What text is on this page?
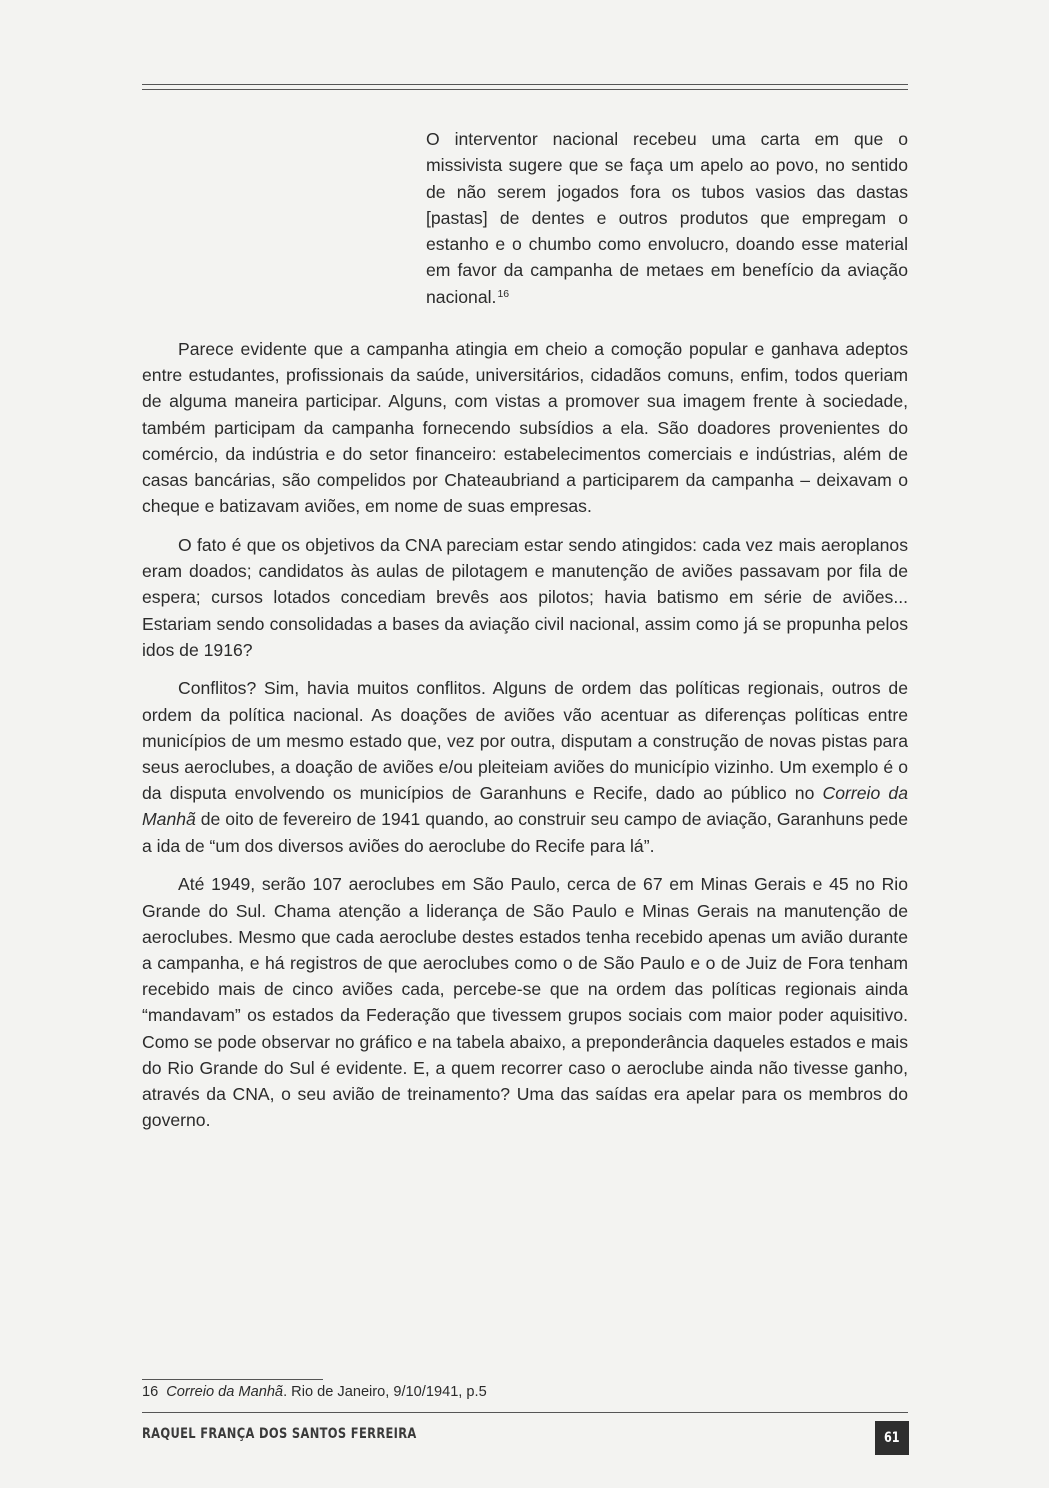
O interventor nacional recebeu uma carta em que o missivista sugere que se faça um apelo ao povo, no sentido de não serem jogados fora os tubos vasios das dastas [pastas] de dentes e outros produtos que empregam o estanho e o chumbo como envolucro, doando esse material em favor da campanha de metaes em benefício da aviação nacional.$^{16}$

Parece evidente que a campanha atingia em cheio a comoção popular e ganhava adeptos entre estudantes, profissionais da saúde, universitários, cidadãos comuns, enfim, todos queriam de alguma maneira participar. Alguns, com vistas a promover sua imagem frente à sociedade, também participam da campanha fornecendo subsídios a ela. São doadores provenientes do comércio, da indústria e do setor financeiro: estabelecimentos comerciais e indústrias, além de casas bancárias, são compelidos por Chateaubriand a participarem da campanha – deixavam o cheque e batizavam aviões, em nome de suas empresas.

O fato é que os objetivos da CNA pareciam estar sendo atingidos: cada vez mais aeroplanos eram doados; candidatos às aulas de pilotagem e manutenção de aviões passavam por fila de espera; cursos lotados concediam brevês aos pilotos; havia batismo em série de aviões... Estariam sendo consolidadas a bases da aviação civil nacional, assim como já se propunha pelos idos de 1916?

Conflitos? Sim, havia muitos conflitos. Alguns de ordem das políticas regionais, outros de ordem da política nacional. As doações de aviões vão acentuar as diferenças políticas entre municípios de um mesmo estado que, vez por outra, disputam a construção de novas pistas para seus aeroclubes, a doação de aviões e/ou pleiteiam aviões do município vizinho. Um exemplo é o da disputa envolvendo os municípios de Garanhuns e Recife, dado ao público no Correio da Manhã de oito de fevereiro de 1941 quando, ao construir seu campo de aviação, Garanhuns pede a ida de “um dos diversos aviões do aeroclube do Recife para lá”.

Até 1949, serão 107 aeroclubes em São Paulo, cerca de 67 em Minas Gerais e 45 no Rio Grande do Sul. Chama atenção a liderança de São Paulo e Minas Gerais na manutenção de aeroclubes. Mesmo que cada aeroclube destes estados tenha recebido apenas um avião durante a campanha, e há registros de que aeroclubes como o de São Paulo e o de Juiz de Fora tenham recebido mais de cinco aviões cada, percebe-se que na ordem das políticas regionais ainda “mandavam” os estados da Federação que tivessem grupos sociais com maior poder aquisitivo. Como se pode observar no gráfico e na tabela abaixo, a preponderância daqueles estados e mais do Rio Grande do Sul é evidente. E, a quem recorrer caso o aeroclube ainda não tivesse ganho, através da CNA, o seu avião de treinamento? Uma das saídas era apelar para os membros do governo.

16 Correio da Manhã. Rio de Janeiro, 9/10/1941, p.5
RAQUEL FRANÇA DOS SANTOS FERREIRA	61
